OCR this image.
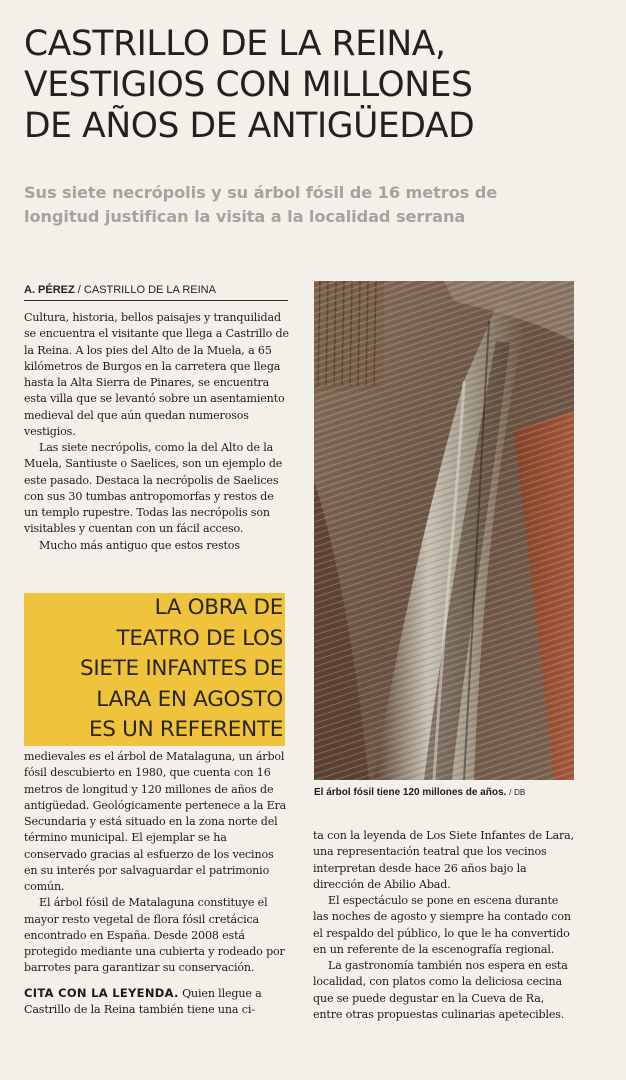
CASTRILLO DE LA REINA,
VESTIGIOS CON MILLONES
DE AÑOS DE ANTIGÜEDAD
Sus siete necrópolis y su árbol fósil de 16 metros de
longitud justifican la visita a la localidad serrana
A. PÉREZ / CASTRILLO DE LA REINA

Cultura, historia, bellos paisajes y tranquilidad se encuentra el visitante que llega a Castrillo de la Reina. A los pies del Alto de la Muela, a 65 kilómetros de Burgos en la carretera que llega hasta la Alta Sierra de Pinares, se encuentra esta villa que se levantó sobre un asentamiento medieval del que aún quedan numerosos vestigios.

Las siete necrópolis, como la del Alto de la Muela, Santiuste o Saelices, son un ejemplo de este pasado. Destaca la necrópolis de Saelices con sus 30 tumbas antropomorfas y restos de un templo rupestre. Todas las necrópolis son visitables y cuentan con un fácil acceso.

Mucho más antiguo que estos restos

LA OBRA DE
TEATRO DE LOS
SIETE INFANTES DE
LARA EN AGOSTO
ES UN REFERENTE

medievales es el árbol de Matalaguna, un árbol fósil descubierto en 1980, que cuenta con 16 metros de longitud y 120 millones de años de antigüedad. Geológicamente pertenece a la Era Secundaria y está situado en la zona norte del término municipal. El ejemplar se ha conservado gracias al esfuerzo de los vecinos en su interés por salvaguardar el patrimonio común.

El árbol fósil de Matalaguna constituye el mayor resto vegetal de flora fósil cretácica encontrado en España. Desde 2008 está protegido mediante una cubierta y rodeado por barrotes para garantizar su conservación.

CITA CON LA LEYENDA. Quien llegue a Castrillo de la Reina también tiene una ci-

El árbol fósil tiene 120 millones de años. / DB

ta con la leyenda de Los Siete Infantes de Lara, una representación teatral que los vecinos interpretan desde hace 26 años bajo la dirección de Abilio Abad.

El espectáculo se pone en escena durante las noches de agosto y siempre ha contado con el respaldo del público, lo que le ha convertido en un referente de la escenografía regional.

La gastronomía también nos espera en esta localidad, con platos como la deliciosa cecina que se puede degustar en la Cueva de Ra, entre otras propuestas culinarias apetecibles.
